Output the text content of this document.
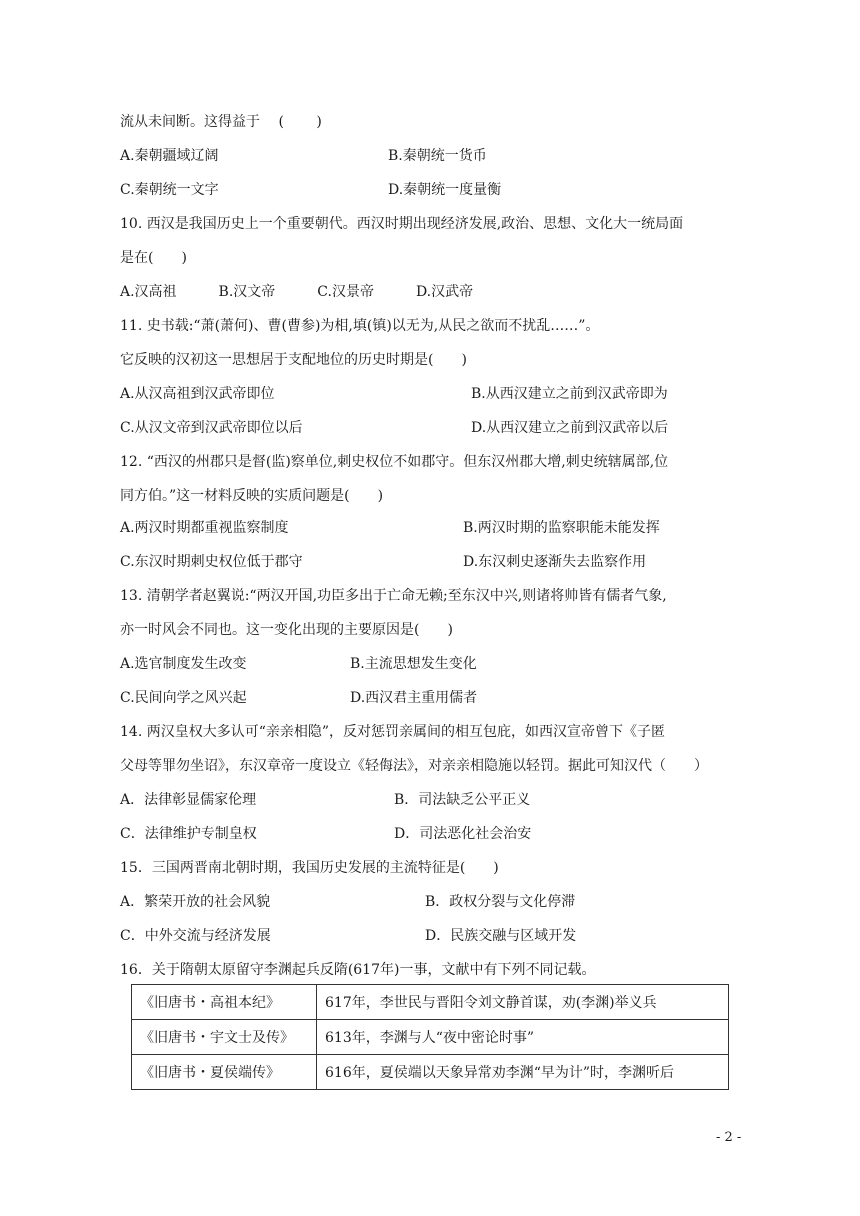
流从未间断。这得益于 　(　　 )
A.秦朝疆域辽阔	B.秦朝统一货币
C.秦朝统一文字	D.秦朝统一度量衡
10. 西汉是我国历史上一个重要朝代。西汉时期出现经济发展,政治、思想、文化大一统局面
是在(　　)
A.汉高祖　　　B.汉文帝　　　C.汉景帝　　　D.汉武帝
11. 史书载:“萧(萧何)、曹(曹参)为相,填(镇)以无为,从民之欲而不扰乱……”。
它反映的汉初这一思想居于支配地位的历史时期是(　　)
A.从汉高祖到汉武帝即位	B.从西汉建立之前到汉武帝即为
C.从汉文帝到汉武帝即位以后	D.从西汉建立之前到汉武帝以后
12. “西汉的州郡只是督(监)察单位,刺史权位不如郡守。但东汉州郡大增,刺史统辖属部,位
同方伯。”这一材料反映的实质问题是(　　)
A.两汉时期都重视监察制度	B.两汉时期的监察职能未能发挥
C.东汉时期刺史权位低于郡守	D.东汉刺史逐渐失去监察作用
13. 清朝学者赵翼说:“两汉开国,功臣多出于亡命无赖;至东汉中兴,则诸将帅皆有儒者气象,
亦一时风会不同也。这一变化出现的主要原因是(　　)
A.选官制度发生改变	B.主流思想发生变化
C.民间向学之风兴起	D.西汉君主重用儒者
14. 两汉皇权大多认可“亲亲相隐”，反对惩罚亲属间的相互包庇，如西汉宣帝曾下《子匿
父母等罪勿坐诏》，东汉章帝一度设立《轻侮法》，对亲亲相隐施以轻罚。据此可知汉代（　　）
A．法律彰显儒家伦理	B．司法缺乏公平正义
C．法律维护专制皇权	D．司法恶化社会治安
15．三国两晋南北朝时期，我国历史发展的主流特征是(　　)
A．繁荣开放的社会风貌	B．政权分裂与文化停滞
C．中外交流与经济发展	D．民族交融与区域开发
16．关于隋朝太原留守李渊起兵反隋(617年)一事，文献中有下列不同记载。
《旧唐书・高祖本纪》	617年，李世民与晋阳令刘文静首谋，劝(李渊)举义兵
《旧唐书・宇文士及传》	613年，李渊与人“夜中密论时事”
《旧唐书・夏侯端传》	616年，夏侯端以天象异常劝李渊“早为计”时，李渊听后
- 2 -
